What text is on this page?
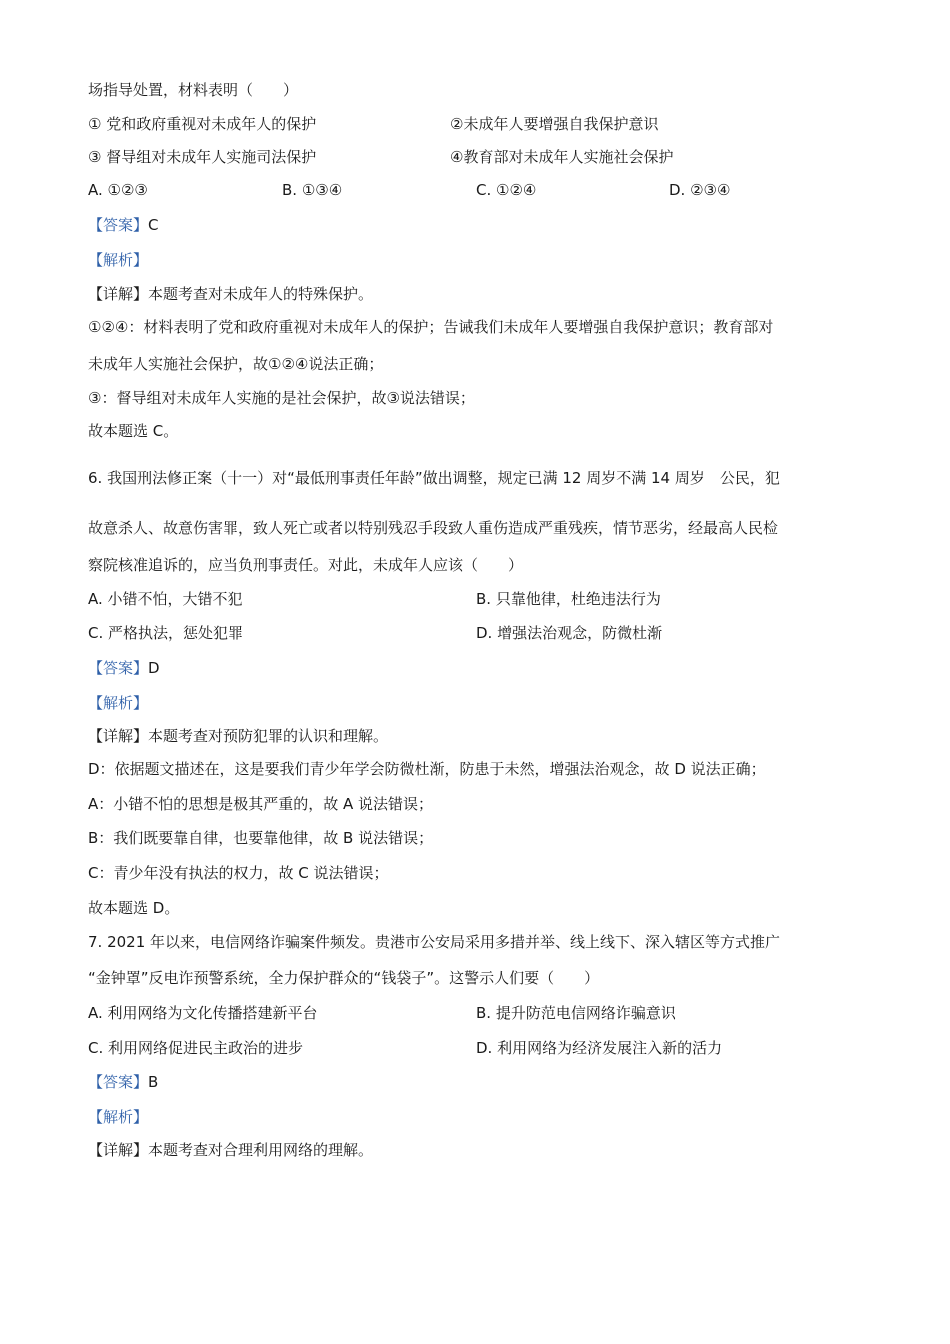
场指导处置，材料表明（　　）
① 党和政府重视对未成年人的保护	②未成年人要增强自我保护意识
③ 督导组对未成年人实施司法保护	④教育部对未成年人实施社会保护
A. ①②③	B. ①③④	C. ①②④	D. ②③④
【答案】C
【解析】
【详解】本题考查对未成年人的特殊保护。
①②④：材料表明了党和政府重视对未成年人的保护；告诫我们未成年人要增强自我保护意识；教育部对
未成年人实施社会保护，故①②④说法正确；
③：督导组对未成年人实施的是社会保护，故③说法错误；
故本题选 C。
6. 我国刑法修正案（十一）对“最低刑事责任年龄”做出调整，规定已满 12 周岁不满 14 周岁　公民，犯
故意杀人、故意伤害罪，致人死亡或者以特别残忍手段致人重伤造成严重残疾，情节恶劣，经最高人民检
察院核准追诉的，应当负刑事责任。对此，未成年人应该（　　）
A. 小错不怕，大错不犯	B. 只靠他律，杜绝违法行为
C. 严格执法，惩处犯罪	D. 增强法治观念，防微杜渐
【答案】D
【解析】
【详解】本题考查对预防犯罪的认识和理解。
D：依据题文描述在，这是要我们青少年学会防微杜渐，防患于未然，增强法治观念，故 D 说法正确；
A：小错不怕的思想是极其严重的，故 A 说法错误；
B：我们既要靠自律，也要靠他律，故 B 说法错误；
C：青少年没有执法的权力，故 C 说法错误；
故本题选 D。
7. 2021 年以来，电信网络诈骗案件频发。贵港市公安局采用多措并举、线上线下、深入辖区等方式推广
“金钟罩”反电诈预警系统，全力保护群众的“钱袋子”。这警示人们要（　　）
A. 利用网络为文化传播搭建新平台	B. 提升防范电信网络诈骗意识
C. 利用网络促进民主政治的进步	D. 利用网络为经济发展注入新的活力
【答案】B
【解析】
【详解】本题考查对合理利用网络的理解。
